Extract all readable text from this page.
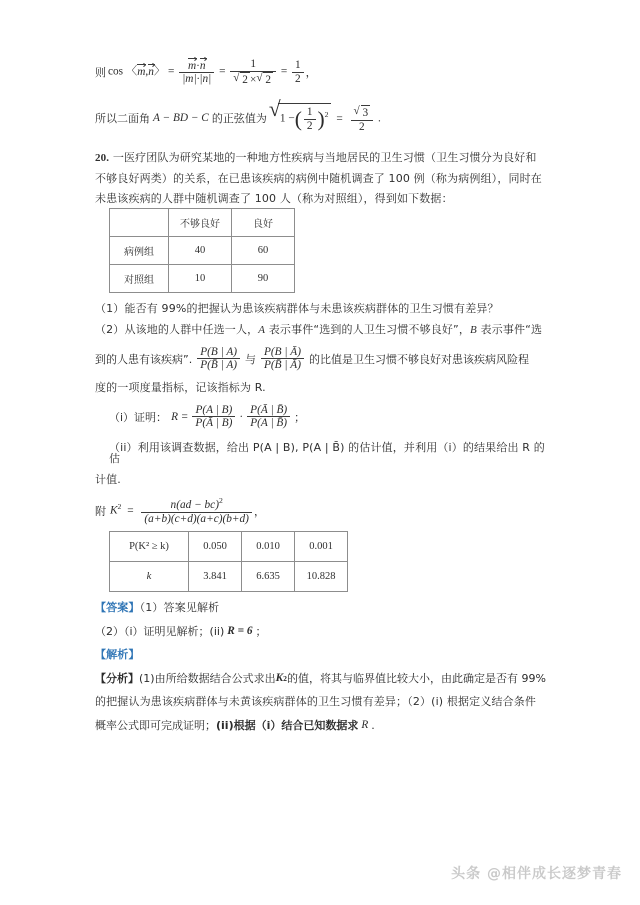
则 cos 〈m,n〉 = $\frac{m\cdot n}{|m|\cdot|n|} = \frac{1}{√ 2 \times √ 2} = \frac{1}{2}$ ，
所以二面角 A − BD − C 的正弦值为 √ 1 −( $\frac{1}{2} )^2 = \frac{√ 3}{2}$ .
20. 一医疗团队为研究某地的一种地方性疾病与当地居民的卫生习惯（卫生习惯分为良好和
不够良好两类）的关系，在已患该疾病的病例中随机调查了 100 例（称为病例组），同时在
未患该疾病的人群中随机调查了 100 人（称为对照组），得到如下数据：
	不够良好	良好
病例组	40	60
对照组	10	90
（1）能否有 99%的把握认为患该疾病群体与未患该疾病群体的卫生习惯有差异？
（2）从该地的人群中任选一人，A 表示事件“选到的人卫生习惯不够良好”，B 表示事件“选
到的人患有该疾病”. $\frac{P(B | A)}{P(B̄ | A)}$ 与 $\frac{P(B | Ā)}{P(B̄ | Ā)}$ 的比值是卫生习惯不够良好对患该疾病风险程
度的一项度量指标，记该指标为 R.
（i）证明： $R = \frac{P(A | B)}{P(Ā | B)} \cdot \frac{P(Ā | B̄)}{P(A | B̄)}$ ；
（ii）利用该调查数据，给出 P(A | B), P(A | B̄) 的估计值，并利用（i）的结果给出 R 的估
计值.
附 $K^2 = \frac{n(ad - bc)^2}{(a+b)(c+d)(a+c)(b+d)}$ ，
P(K² ≥ k)	0.050	0.010	0.001
k	3.841	6.635	10.828
【答案】（1）答案见解析
（2）（i）证明见解析；(ii) R = 6 ；
【解析】
【分析】 (1)由所给数据结合公式求出 K 2 的值，将其与临界值比较大小，由此确定是否有 99%
的把握认为患该疾病群体与未黄该疾病群体的卫生习惯有差异；（2）(i) 根据定义结合条件
概率公式即可完成证明； (ii)根据（i）结合已知数据求 R .
头条 @相伴成长逐梦青春
